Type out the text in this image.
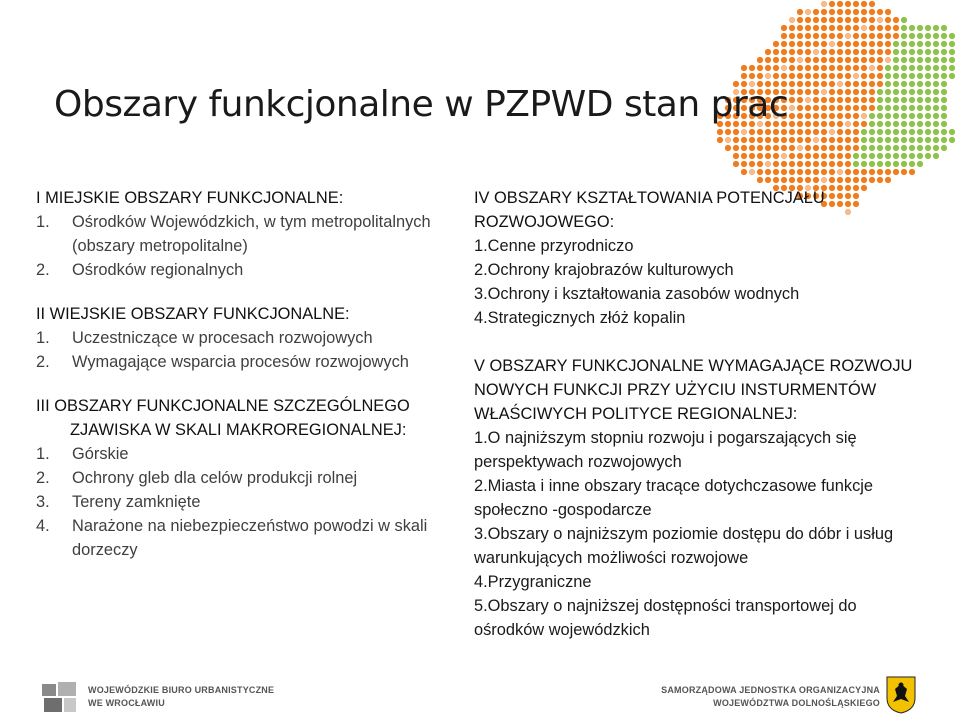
Obszary funkcjonalne w PZPWD stan prac
I MIEJSKIE OBSZARY FUNKCJONALNE:
1.	Ośrodków Wojewódzkich, w tym metropolitalnych (obszary metropolitalne)
2.	Ośrodków regionalnych
II WIEJSKIE OBSZARY FUNKCJONALNE:
1.	Uczestniczące w procesach rozwojowych
2.	Wymagające wsparcia procesów rozwojowych
III OBSZARY FUNKCJONALNE SZCZEGÓLNEGO
ZJAWISKA W SKALI MAKROREGIONALNEJ:
1.	Górskie
2.	Ochrony gleb dla celów produkcji rolnej
3.	Tereny zamknięte
4.	Narażone na niebezpieczeństwo powodzi w skali dorzeczy
IV OBSZARY KSZTAŁTOWANIA POTENCJAŁU ROZWOJOWEGO:
1.Cenne przyrodniczo
2.Ochrony krajobrazów kulturowych
3.Ochrony i kształtowania zasobów wodnych
4.Strategicznych złóż kopalin
V OBSZARY FUNKCJONALNE WYMAGAJĄCE ROZWOJU NOWYCH FUNKCJI PRZY UŻYCIU INSTURMENTÓW WŁAŚCIWYCH POLITYCE REGIONALNEJ:
1.O najniższym stopniu rozwoju i pogarszających się perspektywach rozwojowych
2.Miasta i inne obszary tracące dotychczasowe funkcje społeczno -gospodarcze
3.Obszary o najniższym poziomie dostępu do dóbr i usług warunkujących możliwości rozwojowe
4.Przygraniczne
5.Obszary o najniższej dostępności transportowej do ośrodków wojewódzkich
WOJEWÓDZKIE BIURO URBANISTYCZNE
WE WROCŁAWIU
SAMORZĄDOWA JEDNOSTKA ORGANIZACYJNA
WOJEWÓDZTWA DOLNOŚLĄSKIEGO
